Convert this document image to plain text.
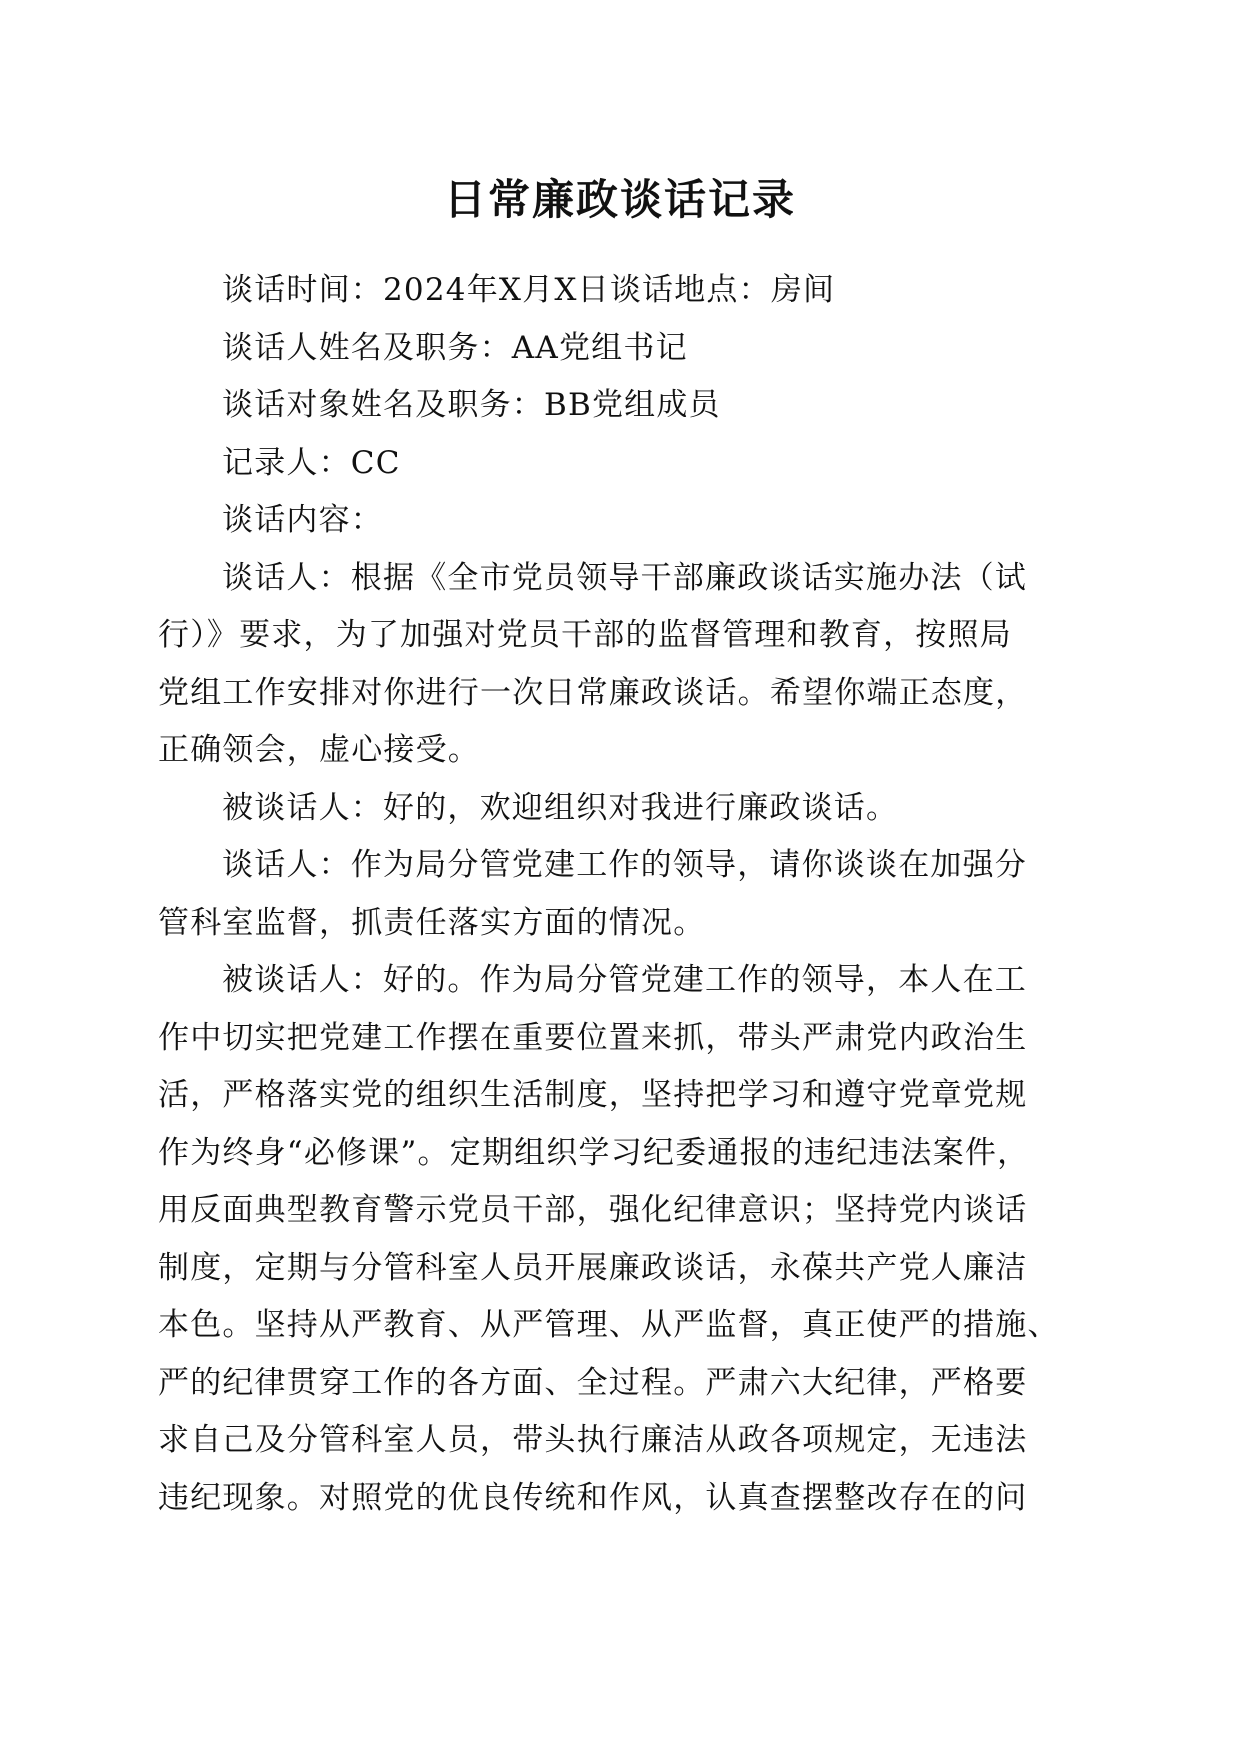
日常廉政谈话记录

谈话时间：2024年X月X日谈话地点：房间

谈话人姓名及职务：AA党组书记

谈话对象姓名及职务：BB党组成员

记录人：CC

谈话内容：

谈话人：根据《全市党员领导干部廉政谈话实施办法（试

行）》要求，为了加强对党员干部的监督管理和教育，按照局

党组工作安排对你进行一次日常廉政谈话。希望你端正态度，

正确领会，虚心接受。

被谈话人：好的，欢迎组织对我进行廉政谈话。

谈话人：作为局分管党建工作的领导，请你谈谈在加强分

管科室监督，抓责任落实方面的情况。

被谈话人：好的。作为局分管党建工作的领导，本人在工

作中切实把党建工作摆在重要位置来抓，带头严肃党内政治生

活，严格落实党的组织生活制度，坚持把学习和遵守党章党规

作为终身“必修课”。定期组织学习纪委通报的违纪违法案件，

用反面典型教育警示党员干部，强化纪律意识；坚持党内谈话

制度，定期与分管科室人员开展廉政谈话，永葆共产党人廉洁

本色。坚持从严教育、从严管理、从严监督，真正使严的措施、

严的纪律贯穿工作的各方面、全过程。严肃六大纪律，严格要

求自己及分管科室人员，带头执行廉洁从政各项规定，无违法

违纪现象。对照党的优良传统和作风，认真查摆整改存在的问
